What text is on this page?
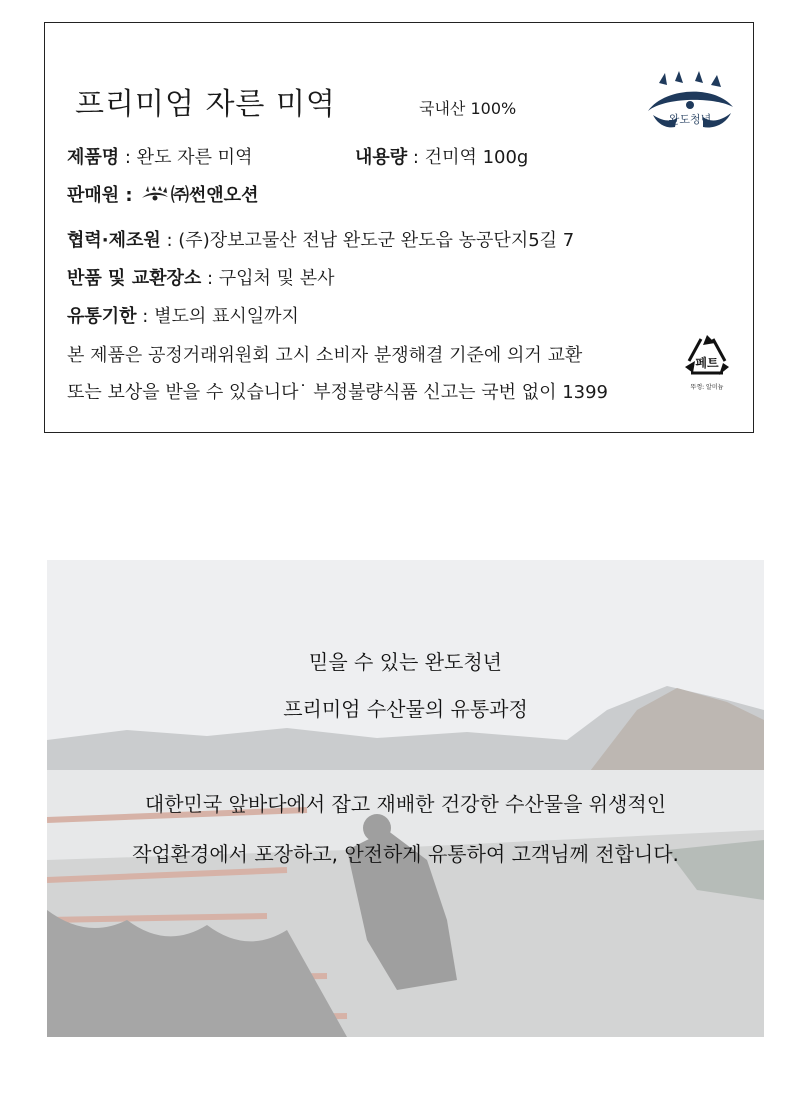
프리미엄 자른 미역	국내산 100%
완도청년
제품명 : 완도 자른 미역	내용량 : 건미역 100g
판매원 : ㈜썬앤오션
협력·제조원 : (주)장보고물산 전남 완도군 완도읍 농공단지5길 7
반품 및 교환장소 : 구입처 및 본사
유통기한 : 별도의 표시일까지
본 제품은 공정거래위원회 고시 소비자 분쟁해결 기준에 의거 교환
또는 보상을 받을 수 있습니다˙ 부정불량식품 신고는 국번 없이 1399
페트
뚜껑: 알미늄
믿을 수 있는 완도청년
프리미엄 수산물의 유통과정
대한민국 앞바다에서 잡고 재배한 건강한 수산물을 위생적인
작업환경에서 포장하고, 안전하게 유통하여 고객님께 전합니다.
